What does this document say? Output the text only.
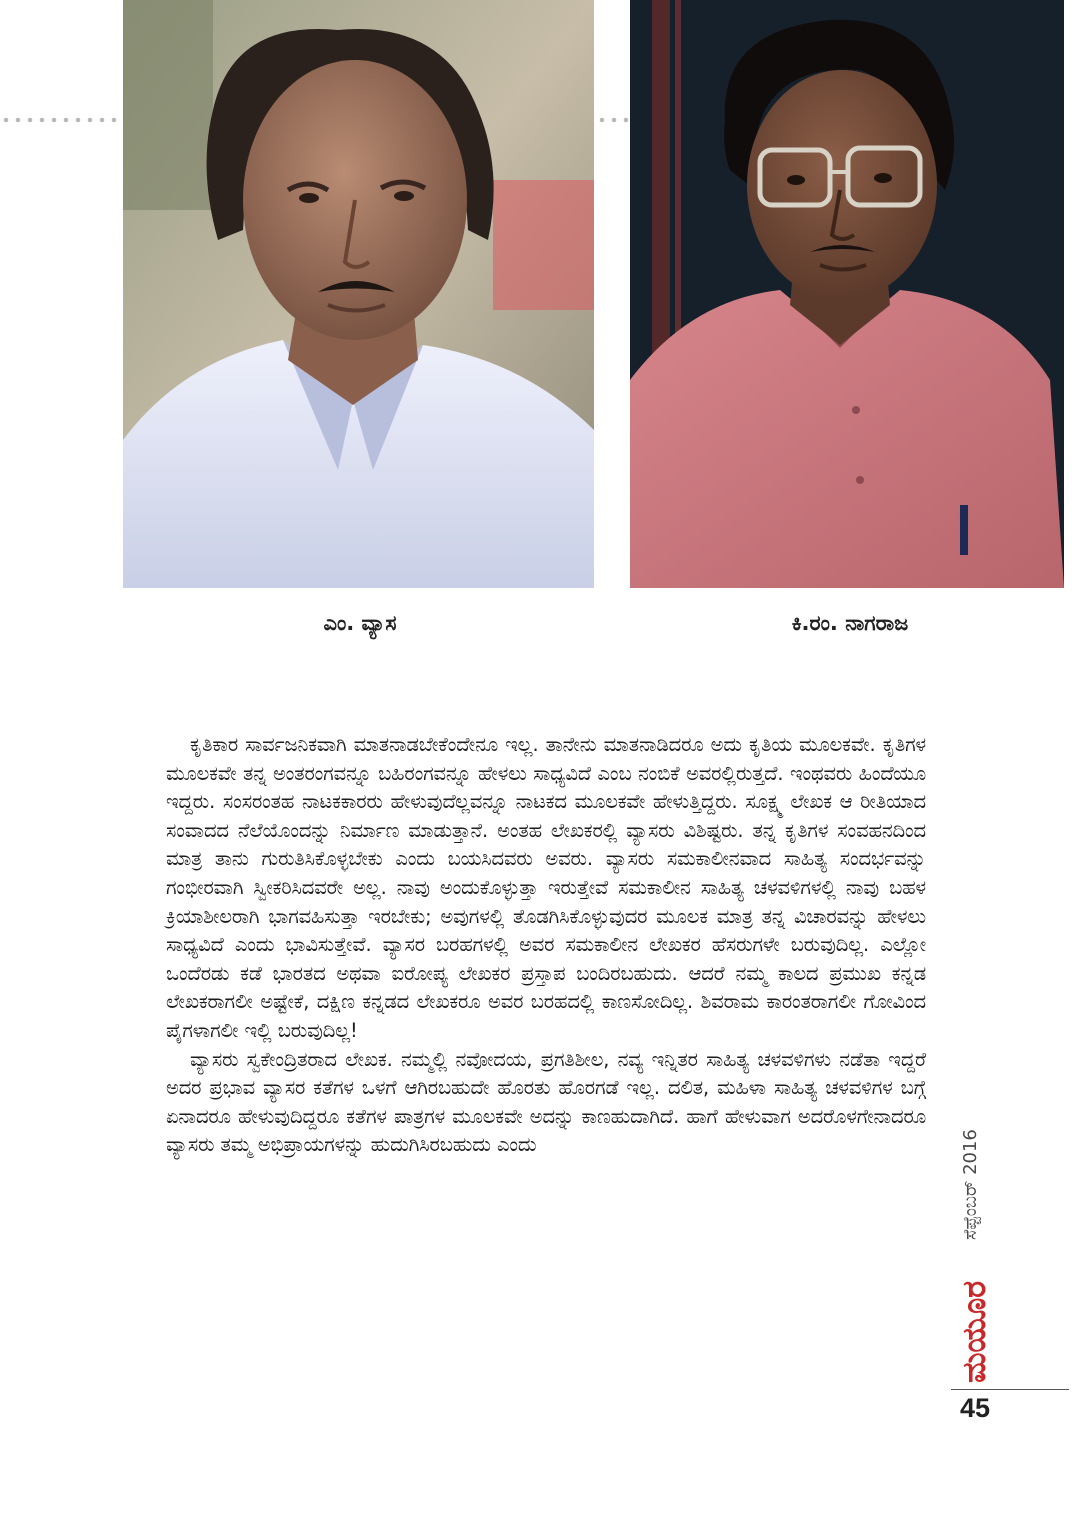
ಎಂ. ವ್ಯಾಸ	ಕಿ.ರಂ. ನಾಗರಾಜ

ಕೃತಿಕಾರ ಸಾರ್ವಜನಿಕವಾಗಿ ಮಾತನಾಡಬೇಕೆಂದೇನೂ ಇಲ್ಲ. ತಾನೇನು ಮಾತನಾಡಿದರೂ ಅದು ಕೃತಿಯ ಮೂಲಕವೇ. ಕೃತಿಗಳ ಮೂಲಕವೇ ತನ್ನ ಅಂತರಂಗವನ್ನೂ ಬಹಿರಂಗವನ್ನೂ ಹೇಳಲು ಸಾಧ್ಯವಿದೆ ಎಂಬ ನಂಬಿಕೆ ಅವರಲ್ಲಿರುತ್ತದೆ. ಇಂಥವರು ಹಿಂದೆಯೂ ಇದ್ದರು. ಸಂಸರಂತಹ ನಾಟಕಕಾರರು ಹೇಳುವುದೆಲ್ಲವನ್ನೂ ನಾಟಕದ ಮೂಲಕವೇ ಹೇಳುತ್ತಿದ್ದರು. ಸೂಕ್ಷ್ಮ ಲೇಖಕ ಆ ರೀತಿಯಾದ ಸಂವಾದದ ನೆಲೆಯೊಂದನ್ನು ನಿರ್ಮಾಣ ಮಾಡುತ್ತಾನೆ. ಅಂತಹ ಲೇಖಕರಲ್ಲಿ ವ್ಯಾಸರು ವಿಶಿಷ್ಟರು. ತನ್ನ ಕೃತಿಗಳ ಸಂವಹನದಿಂದ ಮಾತ್ರ ತಾನು ಗುರುತಿಸಿಕೊಳ್ಳಬೇಕು ಎಂದು ಬಯಸಿದವರು ಅವರು. ವ್ಯಾಸರು ಸಮಕಾಲೀನವಾದ ಸಾಹಿತ್ಯ ಸಂದರ್ಭವನ್ನು ಗಂಭೀರವಾಗಿ ಸ್ವೀಕರಿಸಿದವರೇ ಅಲ್ಲ. ನಾವು ಅಂದುಕೊಳ್ಳುತ್ತಾ ಇರುತ್ತೇವೆ ಸಮಕಾಲೀನ ಸಾಹಿತ್ಯ ಚಳವಳಿಗಳಲ್ಲಿ ನಾವು ಬಹಳ ಕ್ರಿಯಾಶೀಲರಾಗಿ ಭಾಗವಹಿಸುತ್ತಾ ಇರಬೇಕು; ಅವುಗಳಲ್ಲಿ ತೊಡಗಿಸಿಕೊಳ್ಳುವುದರ ಮೂಲಕ ಮಾತ್ರ ತನ್ನ ವಿಚಾರವನ್ನು ಹೇಳಲು ಸಾಧ್ಯವಿದೆ ಎಂದು ಭಾವಿಸುತ್ತೇವೆ. ವ್ಯಾಸರ ಬರಹಗಳಲ್ಲಿ ಅವರ ಸಮಕಾಲೀನ ಲೇಖಕರ ಹೆಸರುಗಳೇ ಬರುವುದಿಲ್ಲ. ಎಲ್ಲೋ ಒಂದೆರಡು ಕಡೆ ಭಾರತದ ಅಥವಾ ಐರೋಪ್ಯ ಲೇಖಕರ ಪ್ರಸ್ತಾಪ ಬಂದಿರಬಹುದು. ಆದರೆ ನಮ್ಮ ಕಾಲದ ಪ್ರಮುಖ ಕನ್ನಡ ಲೇಖಕರಾಗಲೀ ಅಷ್ಟೇಕೆ, ದಕ್ಷಿಣ ಕನ್ನಡದ ಲೇಖಕರೂ ಅವರ ಬರಹದಲ್ಲಿ ಕಾಣಸೋದಿಲ್ಲ. ಶಿವರಾಮ ಕಾರಂತರಾಗಲೀ ಗೋವಿಂದ ಪೈಗಳಾಗಲೀ ಇಲ್ಲಿ ಬರುವುದಿಲ್ಲ!

ವ್ಯಾಸರು ಸ್ವಕೇಂದ್ರಿತರಾದ ಲೇಖಕ. ನಮ್ಮಲ್ಲಿ ನವೋದಯ, ಪ್ರಗತಿಶೀಲ, ನವ್ಯ ಇನ್ನಿತರ ಸಾಹಿತ್ಯ ಚಳವಳಿಗಳು ನಡೆತಾ ಇದ್ದರೆ ಅದರ ಪ್ರಭಾವ ವ್ಯಾಸರ ಕತೆಗಳ ಒಳಗೆ ಆಗಿರಬಹುದೇ ಹೊರತು ಹೊರಗಡೆ ಇಲ್ಲ. ದಲಿತ, ಮಹಿಳಾ ಸಾಹಿತ್ಯ ಚಳವಳಿಗಳ ಬಗ್ಗೆ ಏನಾದರೂ ಹೇಳುವುದಿದ್ದರೂ ಕತೆಗಳ ಪಾತ್ರಗಳ ಮೂಲಕವೇ ಅದನ್ನು ಕಾಣಹುದಾಗಿದೆ. ಹಾಗೆ ಹೇಳುವಾಗ ಅದರೊಳಗೇನಾದರೂ ವ್ಯಾಸರು ತಮ್ಮ ಅಭಿಪ್ರಾಯಗಳನ್ನು ಹುದುಗಿಸಿರಬಹುದು ಎಂದು	ಸೆಪ್ಟೆಂಬರ್ 2016
ಮಯೂರ
45
